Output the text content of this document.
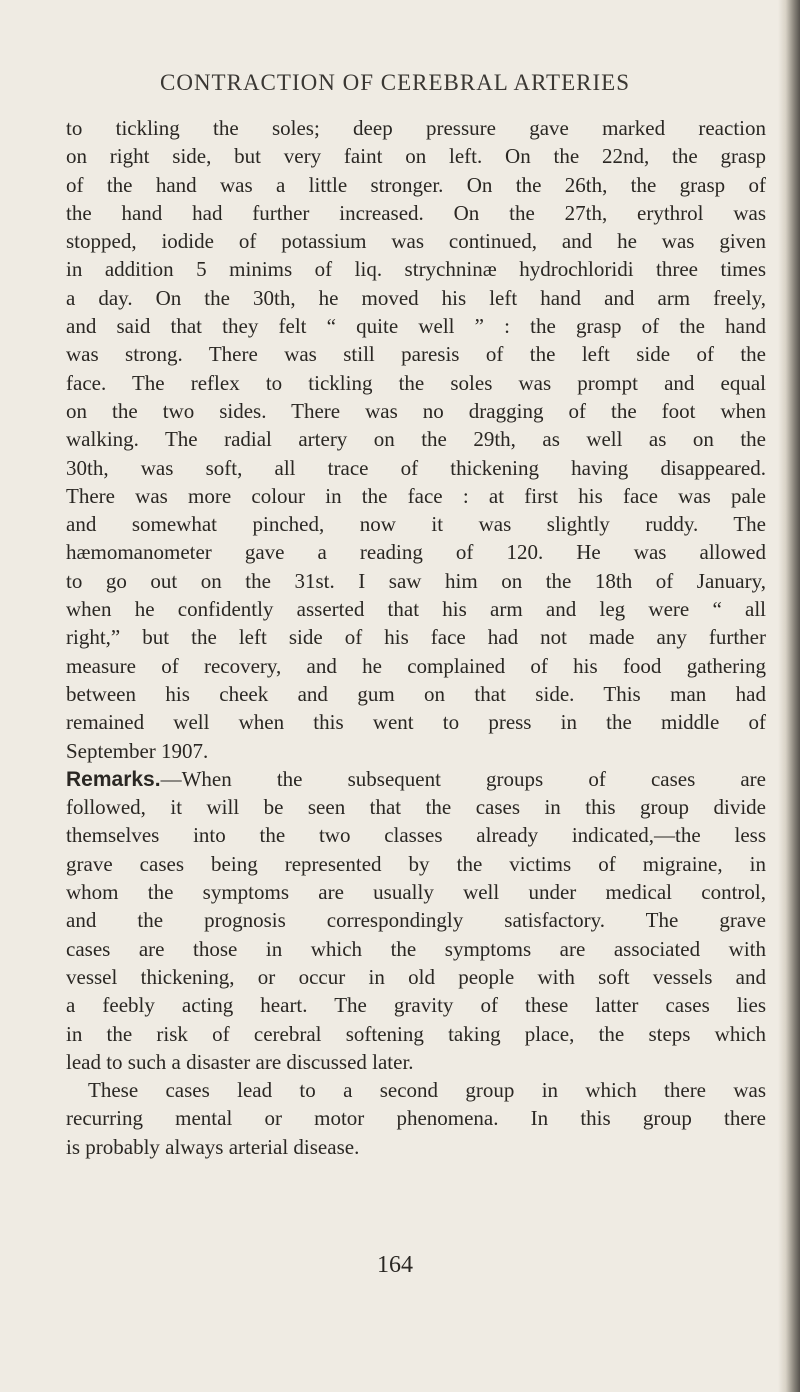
CONTRACTION OF CEREBRAL ARTERIES
to tickling the soles; deep pressure gave marked reaction
on right side, but very faint on left. On the 22nd, the grasp
of the hand was a little stronger. On the 26th, the grasp of
the hand had further increased. On the 27th, erythrol was
stopped, iodide of potassium was continued, and he was given
in addition 5 minims of liq. strychninæ hydrochloridi three times
a day. On the 30th, he moved his left hand and arm freely,
and said that they felt “ quite well ” : the grasp of the hand
was strong. There was still paresis of the left side of the
face. The reflex to tickling the soles was prompt and equal
on the two sides. There was no dragging of the foot when
walking. The radial artery on the 29th, as well as on the
30th, was soft, all trace of thickening having disappeared.
There was more colour in the face : at first his face was pale
and somewhat pinched, now it was slightly ruddy. The
hæmomanometer gave a reading of 120. He was allowed
to go out on the 31st. I saw him on the 18th of January,
when he confidently asserted that his arm and leg were “ all
right,” but the left side of his face had not made any further
measure of recovery, and he complained of his food gathering
between his cheek and gum on that side. This man had
remained well when this went to press in the middle of
September 1907.
Remarks.—When the subsequent groups of cases are
followed, it will be seen that the cases in this group divide
themselves into the two classes already indicated,—the less
grave cases being represented by the victims of migraine, in
whom the symptoms are usually well under medical control,
and the prognosis correspondingly satisfactory. The grave
cases are those in which the symptoms are associated with
vessel thickening, or occur in old people with soft vessels and
a feebly acting heart. The gravity of these latter cases lies
in the risk of cerebral softening taking place, the steps which
lead to such a disaster are discussed later.
These cases lead to a second group in which there was
recurring mental or motor phenomena. In this group there
is probably always arterial disease.
164
